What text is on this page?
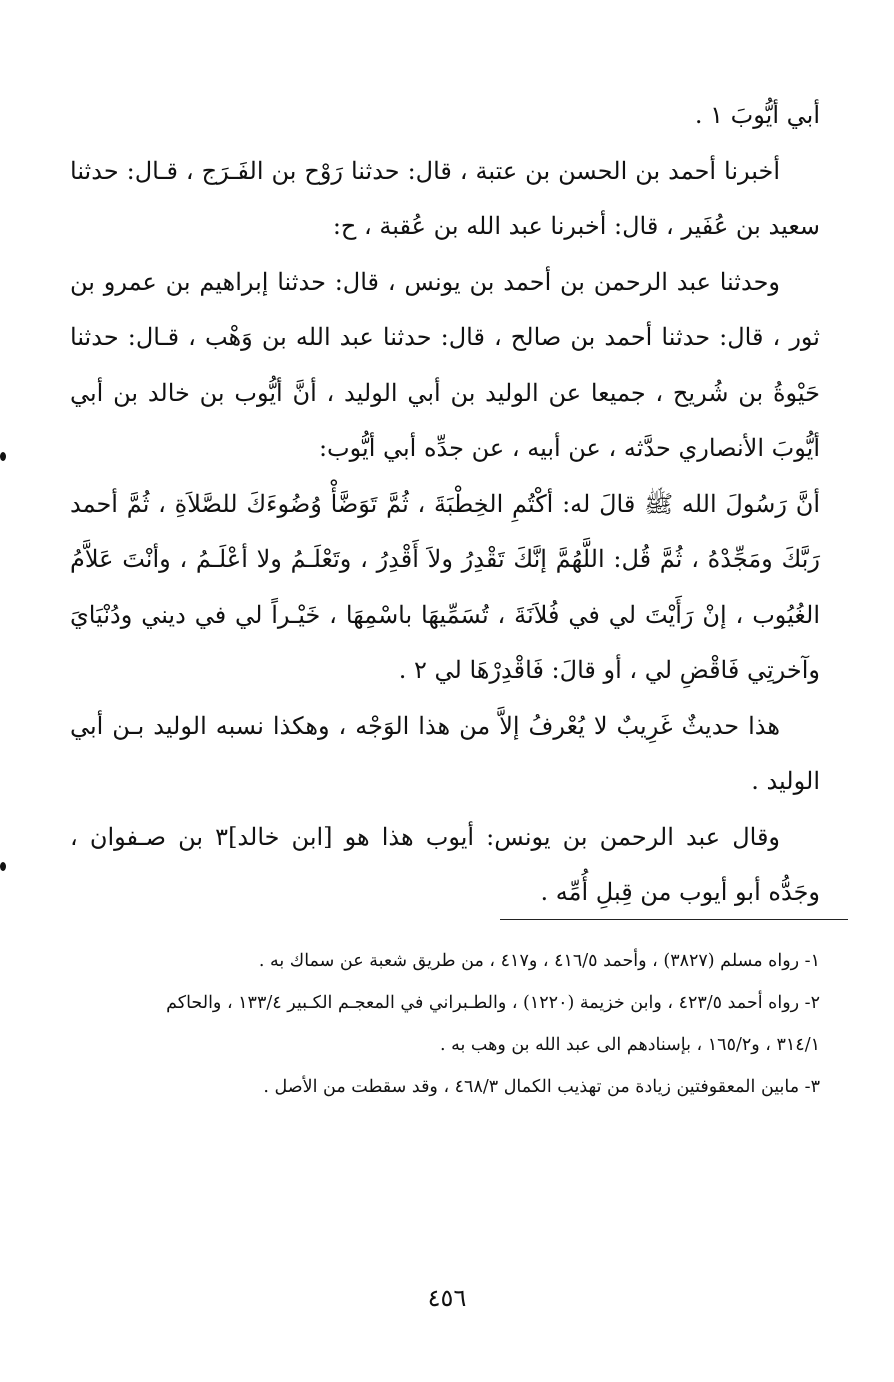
أبي أيُّوبَ ١ .

أخبرنا أحمد بن الحسن بن عتبة ، قال: حدثنا رَوْح بن الفَـرَج ، قـال: حدثنا سعيد بن عُفَير ، قال: أخبرنا عبد الله بن عُقبة ، ح:

وحدثنا عبد الرحمن بن أحمد بن يونس ، قال: حدثنا إبراهيم بن عمرو بن ثور ، قال: حدثنا أحمد بن صالح ، قال: حدثنا عبد الله بن وَهْب ، قـال: حدثنا حَيْوةُ بن شُريح ، جميعا عن الوليد بن أبي الوليد ، أنَّ أيُّوب بن خالد بن أبي أيُّوبَ الأنصاري حدَّثه ، عن أبيه ، عن جدِّه أبي أيُّوب:

أنَّ رَسُولَ الله ﷺ قالَ له: أكْتُمِ الخِطْبَةَ ، ثُمَّ تَوَضَّأْ وُضُوءَكَ للصَّلاَةِ ، ثُمَّ أحمد رَبَّكَ ومَجِّدْهُ ، ثُمَّ قُل: اللَّهُمَّ إنَّكَ تَقْدِرُ ولاَ أَقْدِرُ ، وتَعْلَـمُ ولا أعْلَـمُ ، وأنْتَ عَلاَّمُ الغُيُوب ، إنْ رَأَيْتَ لي في فُلاَنَةَ ، تُسَمِّيهَا باسْمِهَا ، خَيْـراً لي في ديني ودُنْيَايَ وآخرتِي فَاقْضِ لي ، أو قالَ: فَاقْدِرْهَا لي ٢ .

هذا حديثٌ غَرِيبٌ لا يُعْرفُ إلاَّ من هذا الوَجْه ، وهكذا نسبه الوليد بـن أبي الوليد .

وقال عبد الرحمن بن يونس: أيوب هذا هو [ابن خالد]٣ بن صـفوان ، وجَدُّه أبو أيوب من قِبلِ أُمِّه .

١- رواه مسلم (٣٨٢٧) ، وأحمد ٤١٦/٥ ، و٤١٧ ، من طريق شعبة عن سماك به .

٢- رواه أحمد ٤٢٣/٥ ، وابن خزيمة (١٢٢٠) ، والطـبراني في المعجـم الكـبير ١٣٣/٤ ، والحاكم ٣١٤/١ ، و١٦٥/٢ ، بإسنادهم الى عبد الله بن وهب به .

٣- مابين المعقوفتين زيادة من تهذيب الكمال ٤٦٨/٣ ، وقد سقطت من الأصل .

٤٥٦
